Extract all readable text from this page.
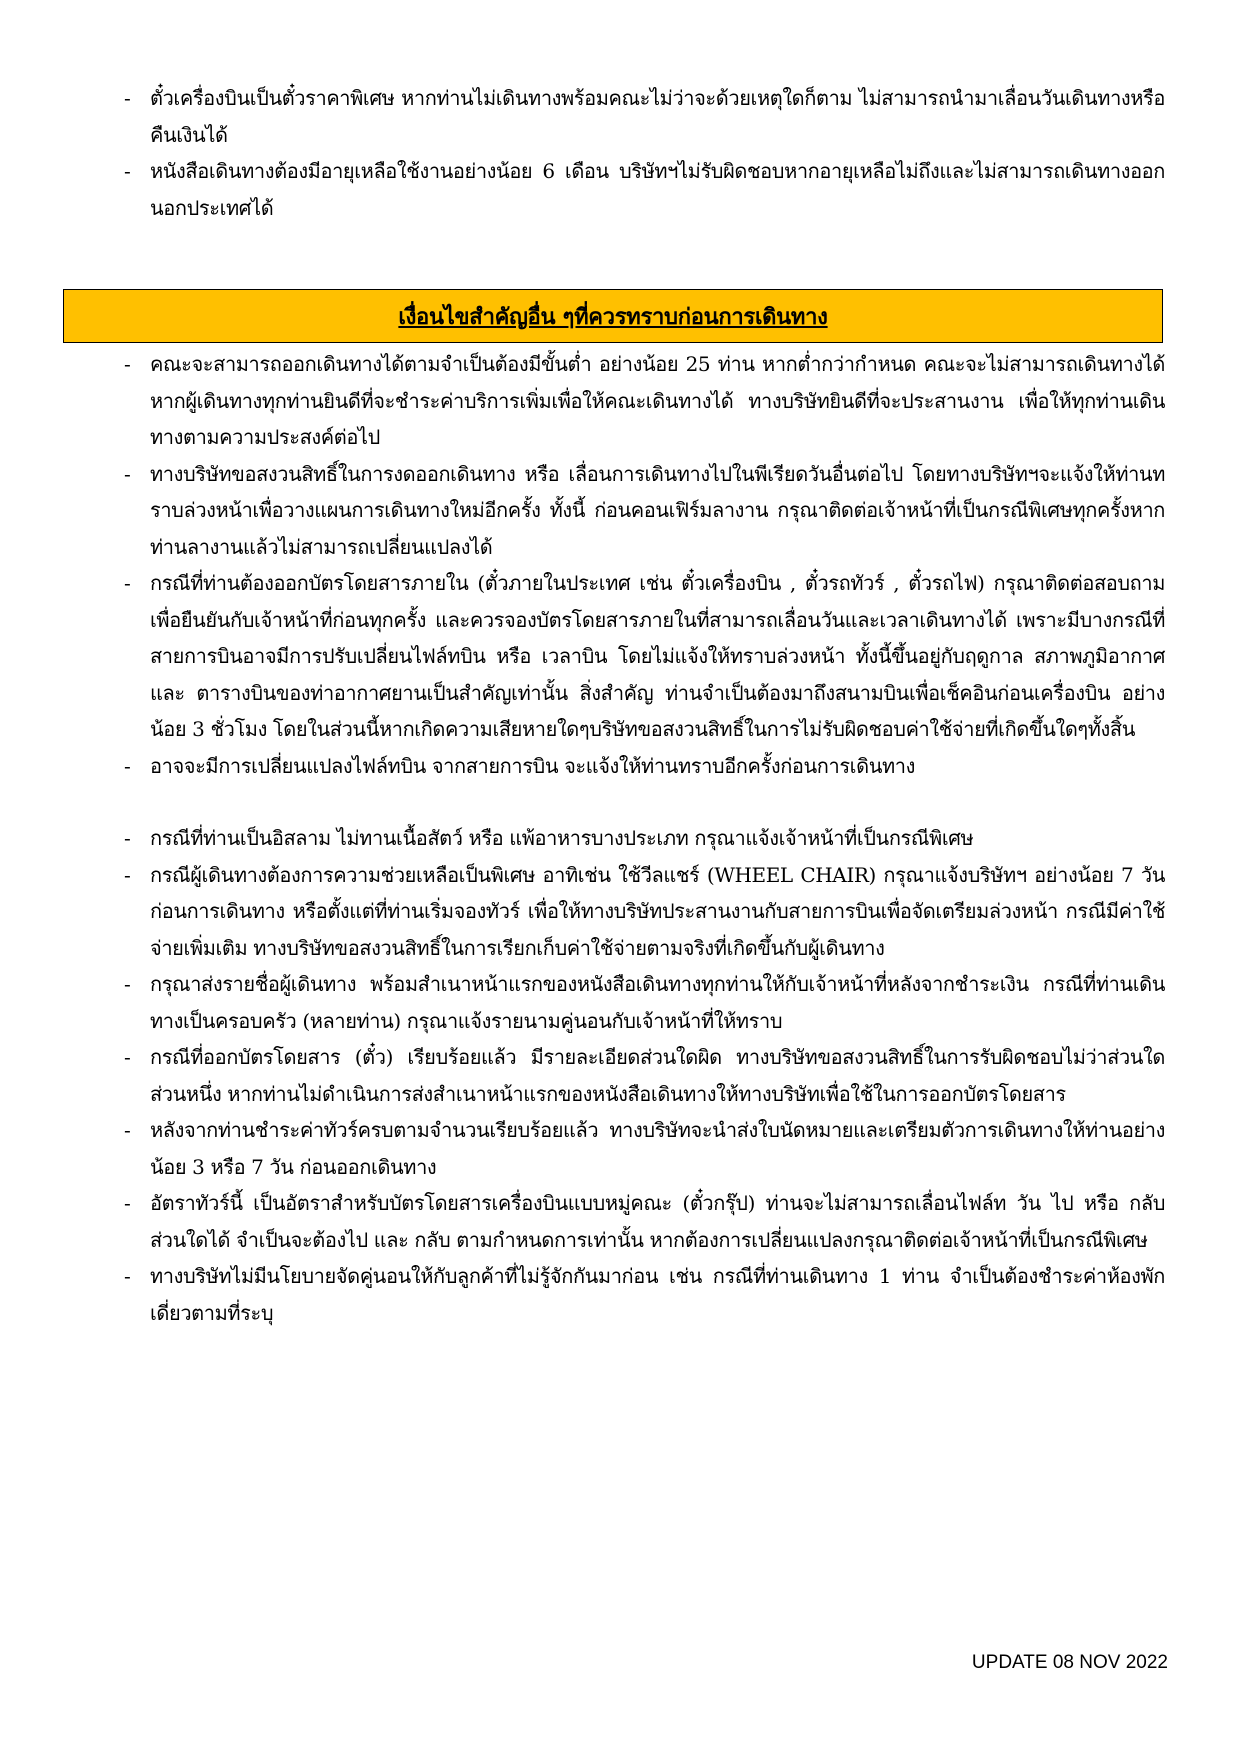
- ตั๋วเครื่องบินเป็นตั๋วราคาพิเศษ หากท่านไม่เดินทางพร้อมคณะไม่ว่าจะด้วยเหตุใดก็ตาม ไม่สามารถนำมาเลื่อนวันเดินทางหรือคืนเงินได้
- หนังสือเดินทางต้องมีอายุเหลือใช้งานอย่างน้อย 6 เดือน บริษัทฯไม่รับผิดชอบหากอายุเหลือไม่ถึงและไม่สามารถเดินทางออกนอกประเทศได้
เงื่อนไขสำคัญอื่น ๆที่ควรทราบก่อนการเดินทาง
- คณะจะสามารถออกเดินทางได้ตามจำเป็นต้องมีขั้นต่ำ อย่างน้อย 25 ท่าน หากต่ำกว่ากำหนด คณะจะไม่สามารถเดินทางได้ หากผู้เดินทางทุกท่านยินดีที่จะชำระค่าบริการเพิ่มเพื่อให้คณะเดินทางได้ ทางบริษัทยินดีที่จะประสานงาน เพื่อให้ทุกท่านเดินทางตามความประสงค์ต่อไป
- ทางบริษัทขอสงวนสิทธิ์ในการงดออกเดินทาง หรือ เลื่อนการเดินทางไปในพีเรียดวันอื่นต่อไป โดยทางบริษัทฯจะแจ้งให้ท่านทราบล่วงหน้าเพื่อวางแผนการเดินทางใหม่อีกครั้ง ทั้งนี้ ก่อนคอนเฟิร์มลางาน กรุณาติดต่อเจ้าหน้าที่เป็นกรณีพิเศษทุกครั้งหากท่านลางานแล้วไม่สามารถเปลี่ยนแปลงได้
- กรณีที่ท่านต้องออกบัตรโดยสารภายใน (ตั๋วภายในประเทศ เช่น ตั๋วเครื่องบิน , ตั๋วรถทัวร์ , ตั๋วรถไฟ) กรุณาติดต่อสอบถามเพื่อยืนยันกับเจ้าหน้าที่ก่อนทุกครั้ง และควรจองบัตรโดยสารภายในที่สามารถเลื่อนวันและเวลาเดินทางได้ เพราะมีบางกรณีที่สายการบินอาจมีการปรับเปลี่ยนไฟล์ทบิน หรือ เวลาบิน โดยไม่แจ้งให้ทราบล่วงหน้า ทั้งนี้ขึ้นอยู่กับฤดูกาล สภาพภูมิอากาศ และ ตารางบินของท่าอากาศยานเป็นสำคัญเท่านั้น สิ่งสำคัญ ท่านจำเป็นต้องมาถึงสนามบินเพื่อเช็คอินก่อนเครื่องบิน อย่างน้อย 3 ชั่วโมง โดยในส่วนนี้หากเกิดความเสียหายใดๆบริษัทขอสงวนสิทธิ์ในการไม่รับผิดชอบค่าใช้จ่ายที่เกิดขึ้นใดๆทั้งสิ้น
- อาจจะมีการเปลี่ยนแปลงไฟล์ทบิน จากสายการบิน จะแจ้งให้ท่านทราบอีกครั้งก่อนการเดินทาง
- กรณีที่ท่านเป็นอิสลาม ไม่ทานเนื้อสัตว์ หรือ แพ้อาหารบางประเภท กรุณาแจ้งเจ้าหน้าที่เป็นกรณีพิเศษ
- กรณีผู้เดินทางต้องการความช่วยเหลือเป็นพิเศษ อาทิเช่น ใช้วีลแชร์ (WHEEL CHAIR) กรุณาแจ้งบริษัทฯ อย่างน้อย 7 วันก่อนการเดินทาง หรือตั้งแต่ที่ท่านเริ่มจองทัวร์ เพื่อให้ทางบริษัทประสานงานกับสายการบินเพื่อจัดเตรียมล่วงหน้า กรณีมีค่าใช้จ่ายเพิ่มเติม ทางบริษัทขอสงวนสิทธิ์ในการเรียกเก็บค่าใช้จ่ายตามจริงที่เกิดขึ้นกับผู้เดินทาง
- กรุณาส่งรายชื่อผู้เดินทาง พร้อมสำเนาหน้าแรกของหนังสือเดินทางทุกท่านให้กับเจ้าหน้าที่หลังจากชำระเงิน กรณีที่ท่านเดินทางเป็นครอบครัว (หลายท่าน) กรุณาแจ้งรายนามคู่นอนกับเจ้าหน้าที่ให้ทราบ
- กรณีที่ออกบัตรโดยสาร (ตั๋ว) เรียบร้อยแล้ว มีรายละเอียดส่วนใดผิด ทางบริษัทขอสงวนสิทธิ์ในการรับผิดชอบไม่ว่าส่วนใดส่วนหนึ่ง หากท่านไม่ดำเนินการส่งสำเนาหน้าแรกของหนังสือเดินทางให้ทางบริษัทเพื่อใช้ในการออกบัตรโดยสาร
- หลังจากท่านชำระค่าทัวร์ครบตามจำนวนเรียบร้อยแล้ว ทางบริษัทจะนำส่งใบนัดหมายและเตรียมตัวการเดินทางให้ท่านอย่างน้อย 3 หรือ 7 วัน ก่อนออกเดินทาง
- อัตราทัวร์นี้ เป็นอัตราสำหรับบัตรโดยสารเครื่องบินแบบหมู่คณะ (ตั๋วกรุ๊ป) ท่านจะไม่สามารถเลื่อนไฟล์ท วัน ไป หรือ กลับส่วนใดได้ จำเป็นจะต้องไป และ กลับ ตามกำหนดการเท่านั้น หากต้องการเปลี่ยนแปลงกรุณาติดต่อเจ้าหน้าที่เป็นกรณีพิเศษ
- ทางบริษัทไม่มีนโยบายจัดคู่นอนให้กับลูกค้าที่ไม่รู้จักกันมาก่อน เช่น กรณีที่ท่านเดินทาง 1 ท่าน จำเป็นต้องชำระค่าห้องพักเดี่ยวตามที่ระบุ
UPDATE 08 NOV 2022
